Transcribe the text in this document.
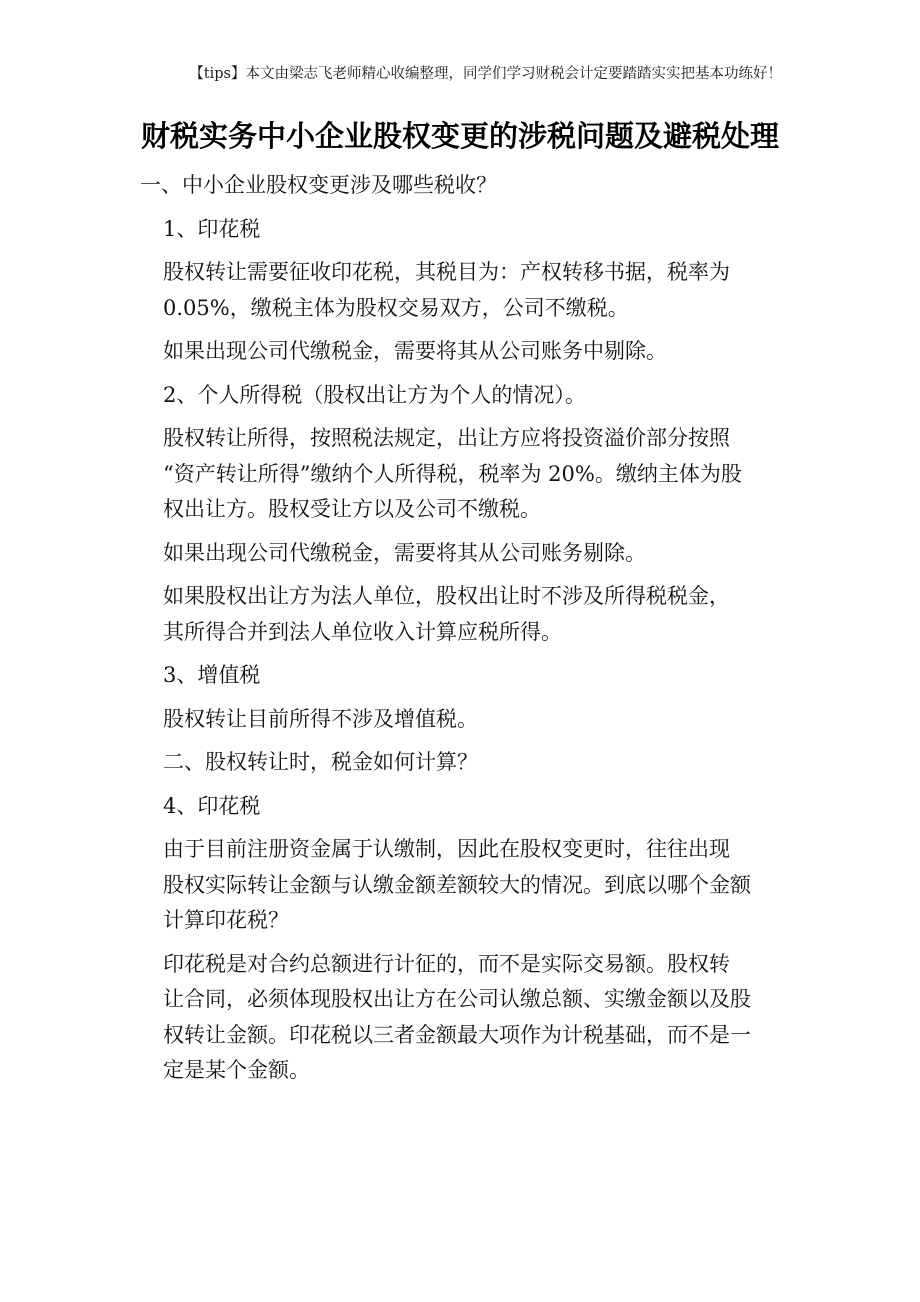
【tips】本文由梁志飞老师精心收编整理，同学们学习财税会计定要踏踏实实把基本功练好！
财税实务中小企业股权变更的涉税问题及避税处理

一、中小企业股权变更涉及哪些税收？

1、印花税

股权转让需要征收印花税，其税目为：产权转移书据，税率为
0.05%，缴税主体为股权交易双方，公司不缴税。

如果出现公司代缴税金，需要将其从公司账务中剔除。

2、个人所得税（股权出让方为个人的情况）。

股权转让所得，按照税法规定，出让方应将投资溢价部分按照
“资产转让所得”缴纳个人所得税，税率为 20%。缴纳主体为股
权出让方。股权受让方以及公司不缴税。

如果出现公司代缴税金，需要将其从公司账务剔除。

如果股权出让方为法人单位，股权出让时不涉及所得税税金，
其所得合并到法人单位收入计算应税所得。

3、增值税

股权转让目前所得不涉及增值税。

二、股权转让时，税金如何计算？

4、印花税

由于目前注册资金属于认缴制，因此在股权变更时，往往出现
股权实际转让金额与认缴金额差额较大的情况。到底以哪个金额
计算印花税？

印花税是对合约总额进行计征的，而不是实际交易额。股权转
让合同，必须体现股权出让方在公司认缴总额、实缴金额以及股
权转让金额。印花税以三者金额最大项作为计税基础，而不是一
定是某个金额。
